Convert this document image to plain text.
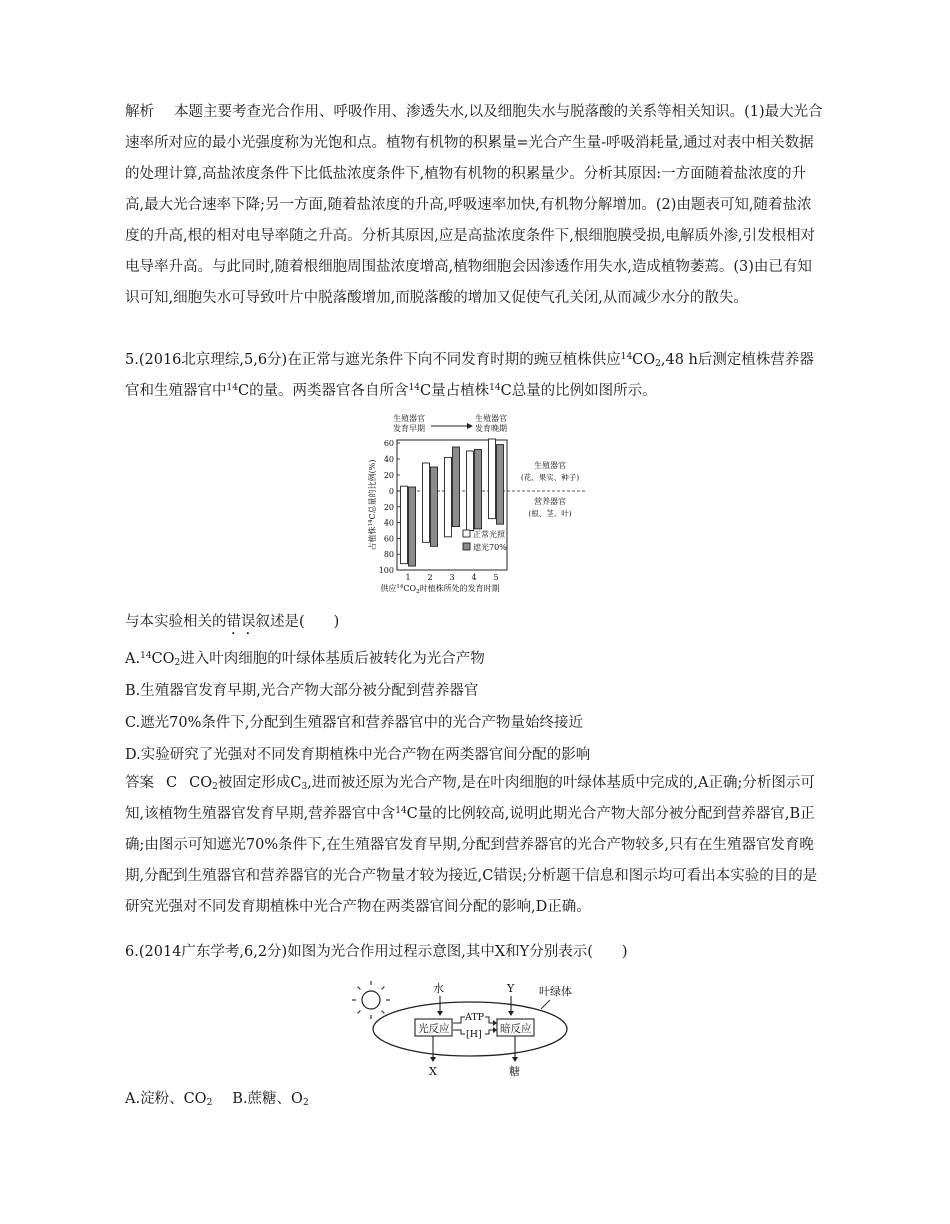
解析 本题主要考查光合作用、呼吸作用、渗透失水,以及细胞失水与脱落酸的关系等相关知识。(1)最大光合速率所对应的最小光强度称为光饱和点。植物有机物的积累量=光合产生量-呼吸消耗量,通过对表中相关数据的处理计算,高盐浓度条件下比低盐浓度条件下,植物有机物的积累量少。分析其原因:一方面随着盐浓度的升高,最大光合速率下降;另一方面,随着盐浓度的升高,呼吸速率加快,有机物分解增加。(2)由题表可知,随着盐浓度的升高,根的相对电导率随之升高。分析其原因,应是高盐浓度条件下,根细胞膜受损,电解质外渗,引发根相对电导率升高。与此同时,随着根细胞周围盐浓度增高,植物细胞会因渗透作用失水,造成植物萎蔫。(3)由已有知识可知,细胞失水可导致叶片中脱落酸增加,而脱落酸的增加又促使气孔关闭,从而减少水分的散失。

5.(2016北京理综,5,6分)在正常与遮光条件下向不同发育时期的豌豆植株供应$^{14}CO_2,48$ h后测定植株营养器官和生殖器官中$^{14}$C的量。两类器官各自所含$^{14}$C量占植株$^{14}$C总量的比例如图所示。

60
40
20
0
20
40
60
80
100
占植株$^{14}$C总量的比例(%)
1 2 3 4 5
供应$^{14}CO_2$时植株所处的发育时期
生殖器官
发育早期
生殖器官
发育晚期
生殖器官
(花、果实、种子)
营养器官
(根、茎、叶)
正常光照
遮光70%

与本实验相关的错误叙述是(　　)

$A.^{14}CO_2$进入叶肉细胞的叶绿体基质后被转化为光合产物

B.生殖器官发育早期,光合产物大部分被分配到营养器官

C.遮光70%条件下,分配到生殖器官和营养器官中的光合产物量始终接近

D.实验研究了光强对不同发育期植株中光合产物在两类器官间分配的影响

答案 C $CO_2$被固定形成$C_3$,进而被还原为光合产物,是在叶肉细胞的叶绿体基质中完成的,A正确;分析图示可知,该植物生殖器官发育早期,营养器官中含$^{14}$C量的比例较高,说明此期光合产物大部分被分配到营养器官,B正确;由图示可知遮光70%条件下,在生殖器官发育早期,分配到营养器官的光合产物较多,只有在生殖器官发育晚期,分配到生殖器官和营养器官的光合产物量才较为接近,C错误;分析题干信息和图示均可看出本实验的目的是研究光强对不同发育期植株中光合产物在两类器官间分配的影响,D正确。

6.(2014广东学考,6,2分)如图为光合作用过程示意图,其中X和Y分别表示(　　)

水	Y 叶绿体
光反应	暗反应
ATP
[H]
X	糖

A.淀粉、$CO_2$ B.蔗糖、$O_2$
